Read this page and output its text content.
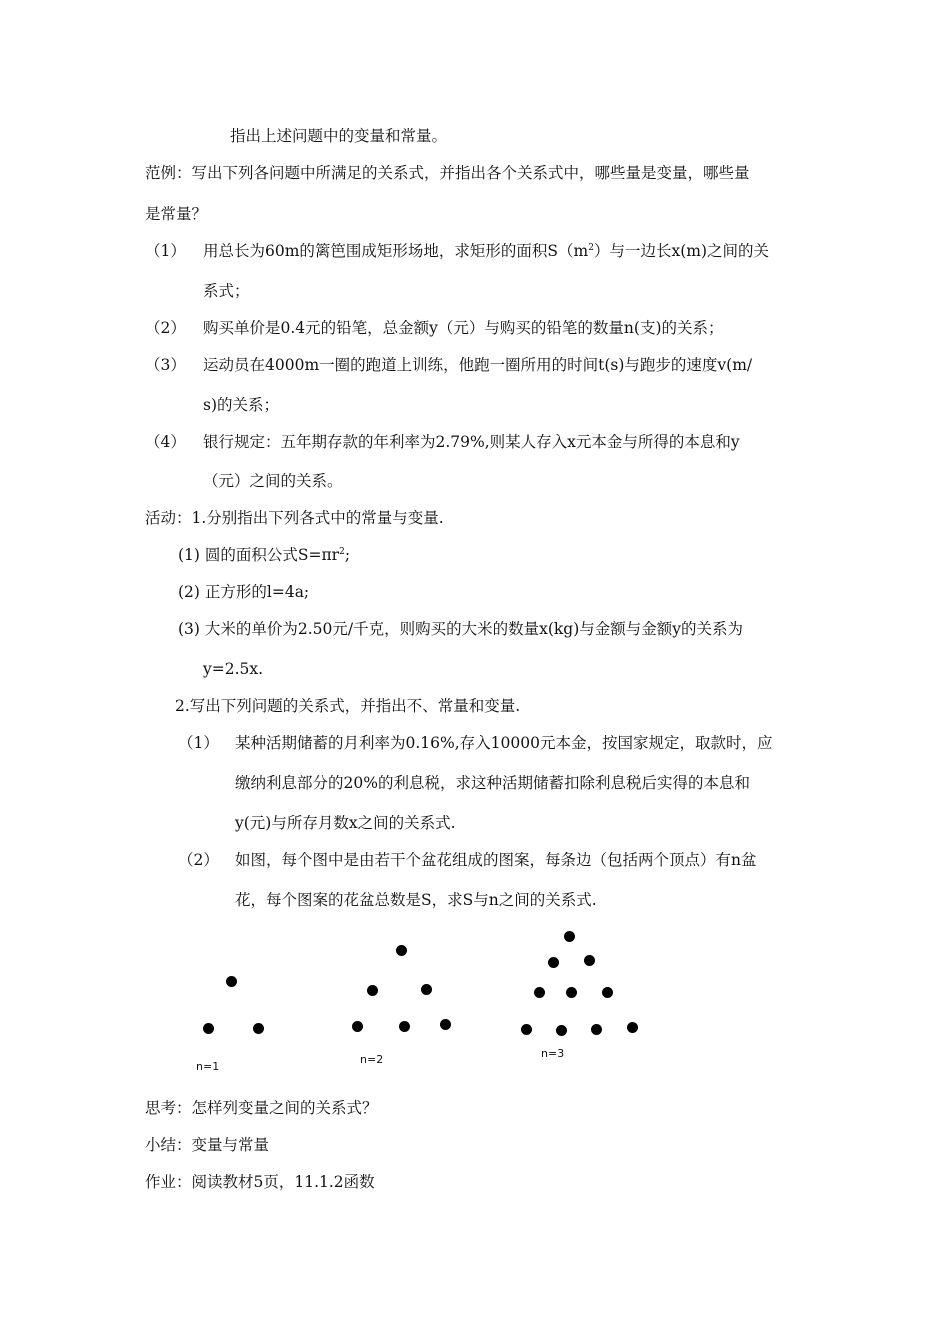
指出上述问题中的变量和常量。
范例：写出下列各问题中所满足的关系式，并指出各个关系式中，哪些量是变量，哪些量
是常量？
（1） 用总长为60m的篱笆围成矩形场地，求矩形的面积$S(m^2)$与一边长x(m)之间的关
系式；
（2） 购买单价是0.4元的铅笔，总金额y（元）与购买的铅笔的数量n(支)的关系；
（3） 运动员在4000m一圈的跑道上训练，他跑一圈所用的时间t(s)与跑步的速度v(m/
s)的关系；
（4） 银行规定：五年期存款的年利率为2.79%,则某人存入x元本金与所得的本息和y
（元）之间的关系。
活动：1.分别指出下列各式中的常量与变量.
(1) 圆的面积公式$S=\pi r^2$;
(2) 正方形的l=4a;
(3) 大米的单价为2.50元/千克，则购买的大米的数量x(kg)与金额与金额y的关系为
y=2.5x.
2.写出下列问题的关系式，并指出不、常量和变量.
（1） 某种活期储蓄的月利率为0.16%,存入10000元本金，按国家规定，取款时，应
缴纳利息部分的20%的利息税，求这种活期储蓄扣除利息税后实得的本息和
y(元)与所存月数x之间的关系式.
（2） 如图，每个图中是由若干个盆花组成的图案，每条边（包括两个顶点）有n盆
花，每个图案的花盆总数是S，求S与n之间的关系式.
n=1
n=2	n=3
思考：怎样列变量之间的关系式？
小结：变量与常量
作业：阅读教材5页，11.1.2函数
